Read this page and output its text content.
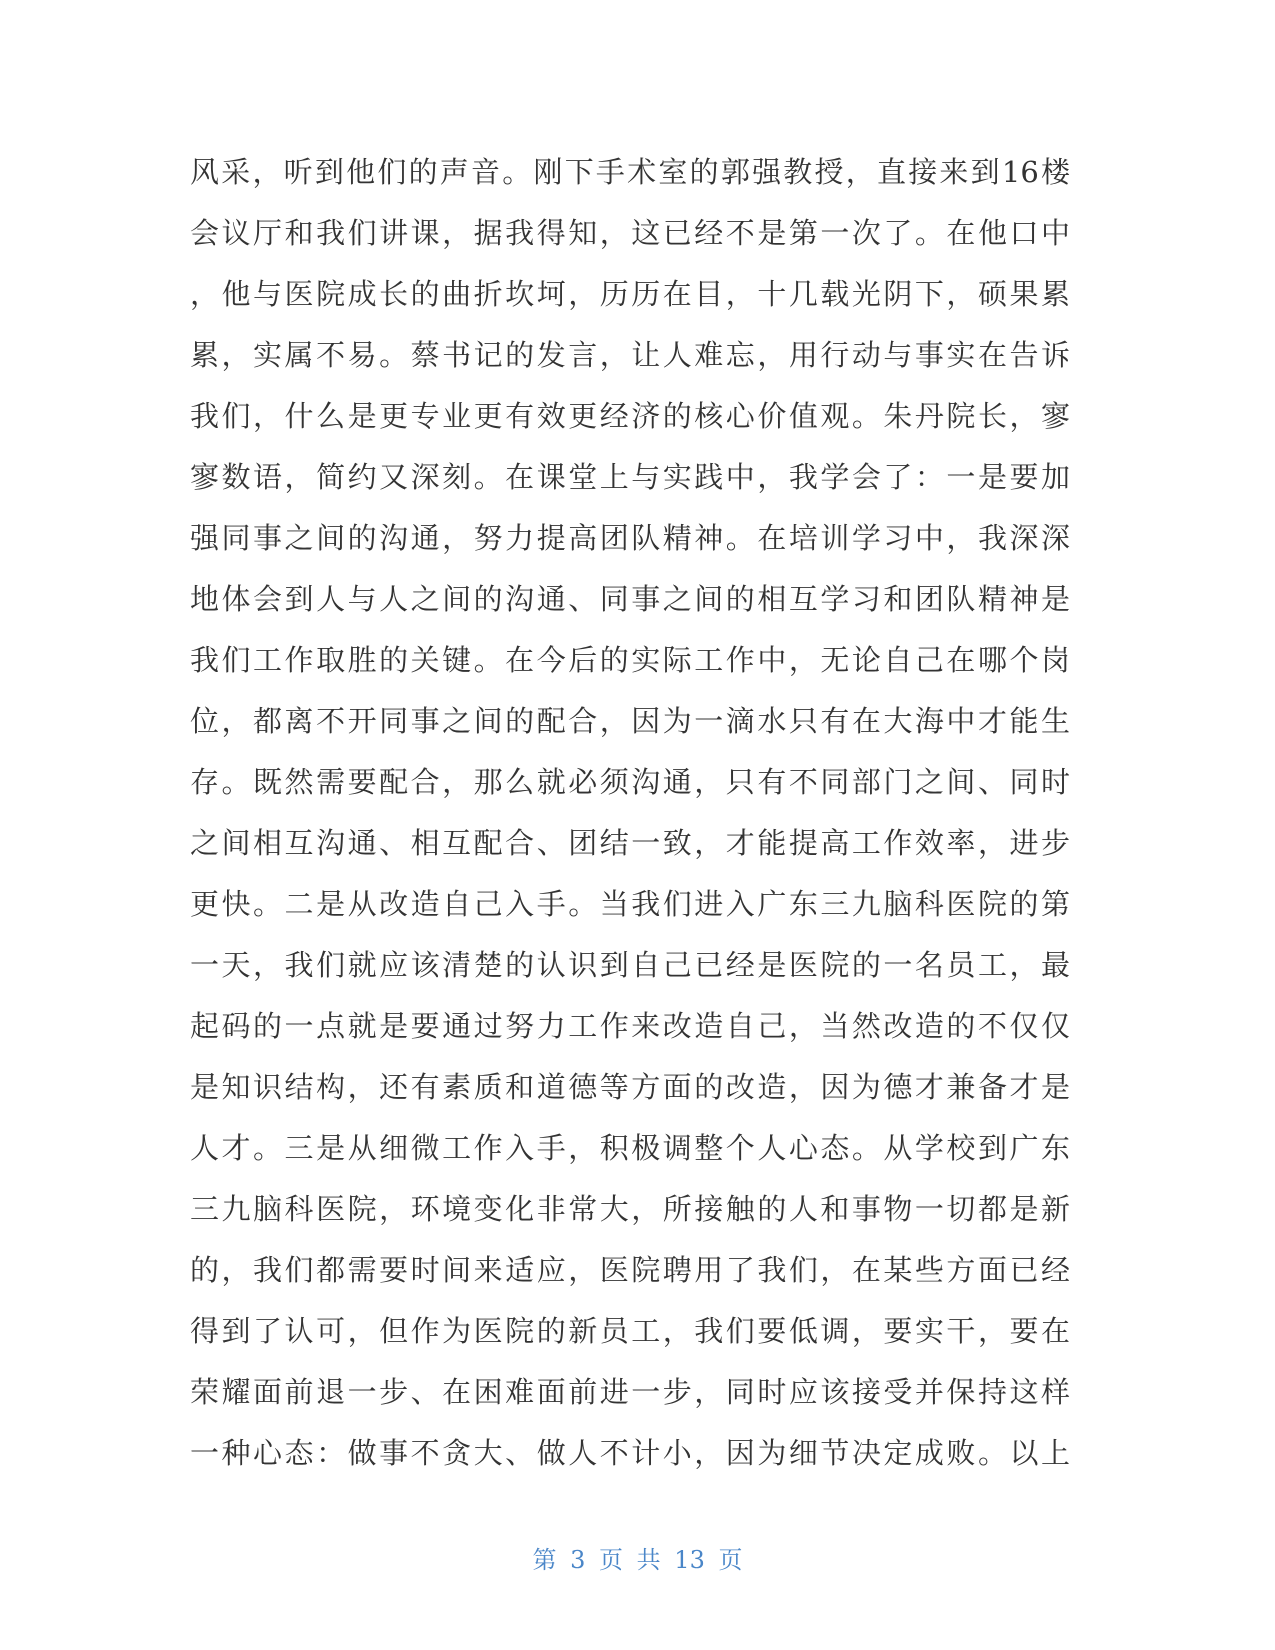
风采，听到他们的声音。刚下手术室的郭强教授，直接来到16楼
会议厅和我们讲课，据我得知，这已经不是第一次了。在他口中
，他与医院成长的曲折坎坷，历历在目，十几载光阴下，硕果累
累，实属不易。蔡书记的发言，让人难忘，用行动与事实在告诉
我们，什么是更专业更有效更经济的核心价值观。朱丹院长，寥
寥数语，简约又深刻。在课堂上与实践中，我学会了：一是要加
强同事之间的沟通，努力提高团队精神。在培训学习中，我深深
地体会到人与人之间的沟通、同事之间的相互学习和团队精神是
我们工作取胜的关键。在今后的实际工作中，无论自己在哪个岗
位，都离不开同事之间的配合，因为一滴水只有在大海中才能生
存。既然需要配合，那么就必须沟通，只有不同部门之间、同时
之间相互沟通、相互配合、团结一致，才能提高工作效率，进步
更快。二是从改造自己入手。当我们进入广东三九脑科医院的第
一天，我们就应该清楚的认识到自己已经是医院的一名员工，最
起码的一点就是要通过努力工作来改造自己，当然改造的不仅仅
是知识结构，还有素质和道德等方面的改造，因为德才兼备才是
人才。三是从细微工作入手，积极调整个人心态。从学校到广东
三九脑科医院，环境变化非常大，所接触的人和事物一切都是新
的，我们都需要时间来适应，医院聘用了我们，在某些方面已经
得到了认可，但作为医院的新员工，我们要低调，要实干，要在
荣耀面前退一步、在困难面前进一步，同时应该接受并保持这样
一种心态：做事不贪大、做人不计小，因为细节决定成败。以上
第 3 页 共 13 页
